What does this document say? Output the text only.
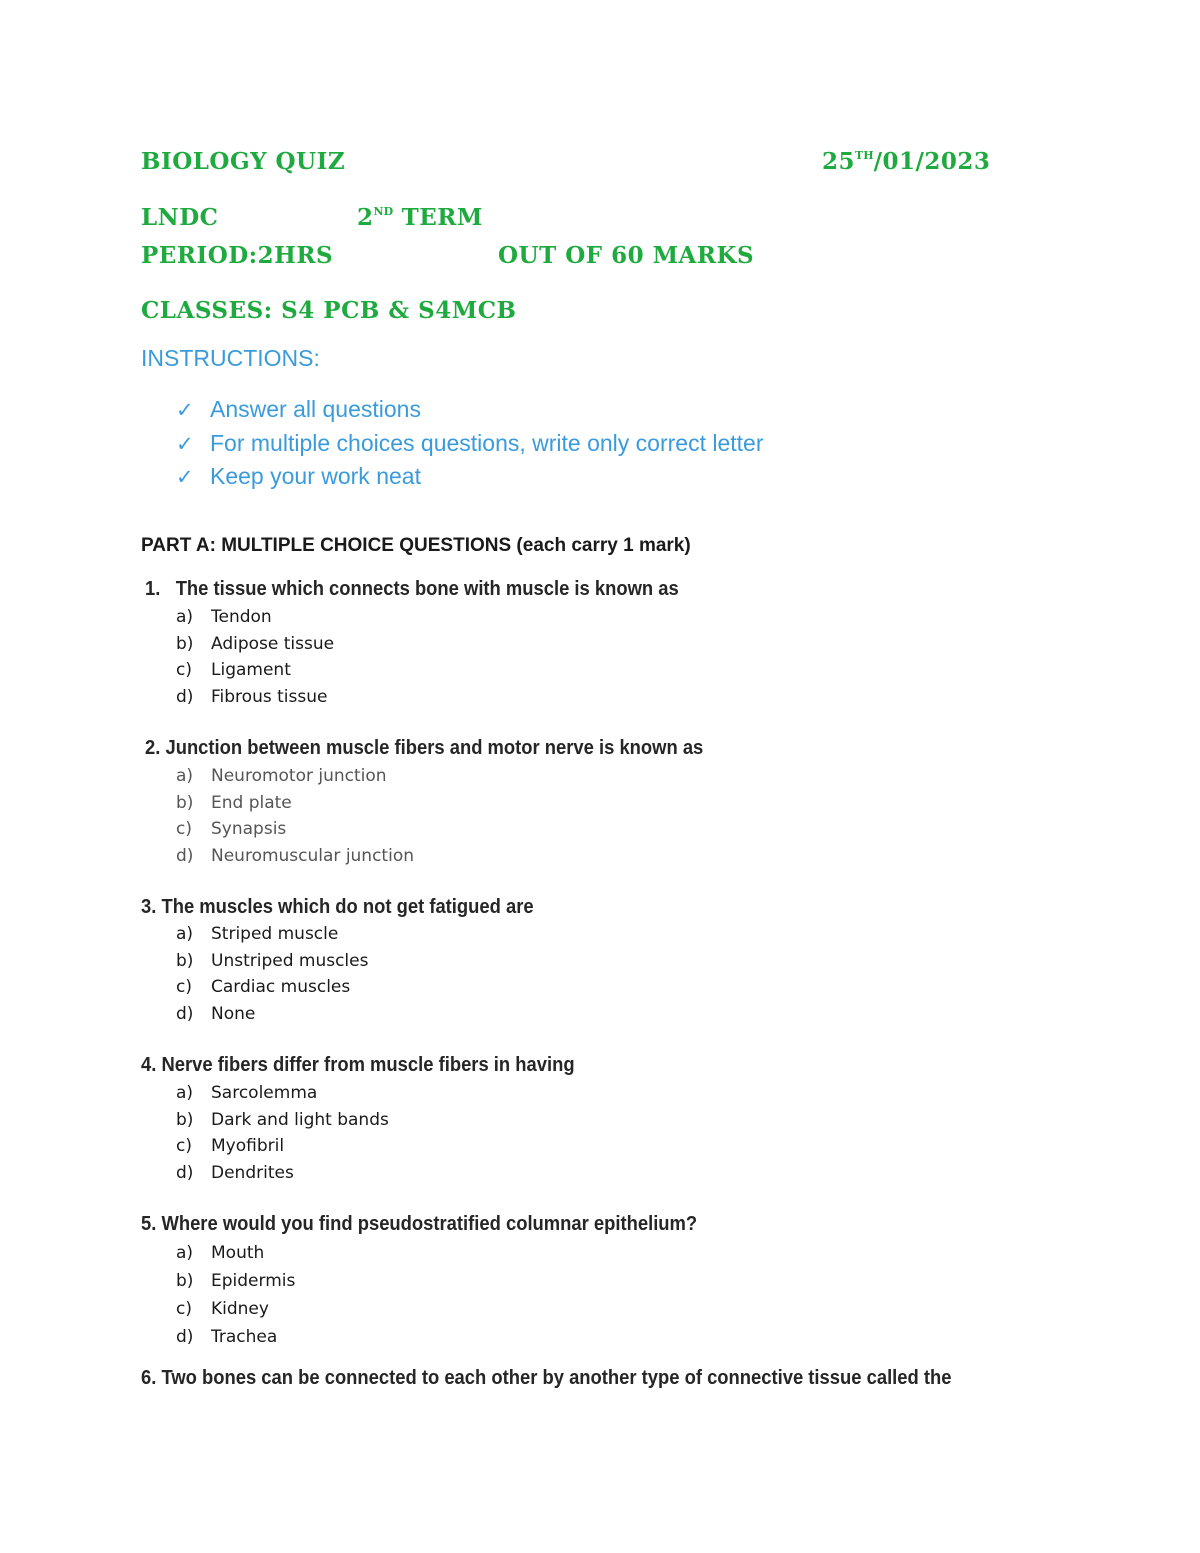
BIOLOGY QUIZ	25TH/01/2023
LNDC	2ND TERM
PERIOD:2HRS	OUT OF 60 MARKS
CLASSES: S4 PCB & S4MCB
INSTRUCTIONS:
✓ Answer all questions
✓ For multiple choices questions, write only correct letter
✓ Keep your work neat
PART A: MULTIPLE CHOICE QUESTIONS (each carry 1 mark)
1. The tissue which connects bone with muscle is known as
a) Tendon
b) Adipose tissue
c) Ligament
d) Fibrous tissue
2. Junction between muscle fibers and motor nerve is known as
a) Neuromotor junction
b) End plate
c) Synapsis
d) Neuromuscular junction
3. The muscles which do not get fatigued are
a) Striped muscle
b) Unstriped muscles
c) Cardiac muscles
d) None
4. Nerve fibers differ from muscle fibers in having
a) Sarcolemma
b) Dark and light bands
c) Myofibril
d) Dendrites
5. Where would you find pseudostratified columnar epithelium?
a) Mouth
b) Epidermis
c) Kidney
d) Trachea
6. Two bones can be connected to each other by another type of connective tissue called the
